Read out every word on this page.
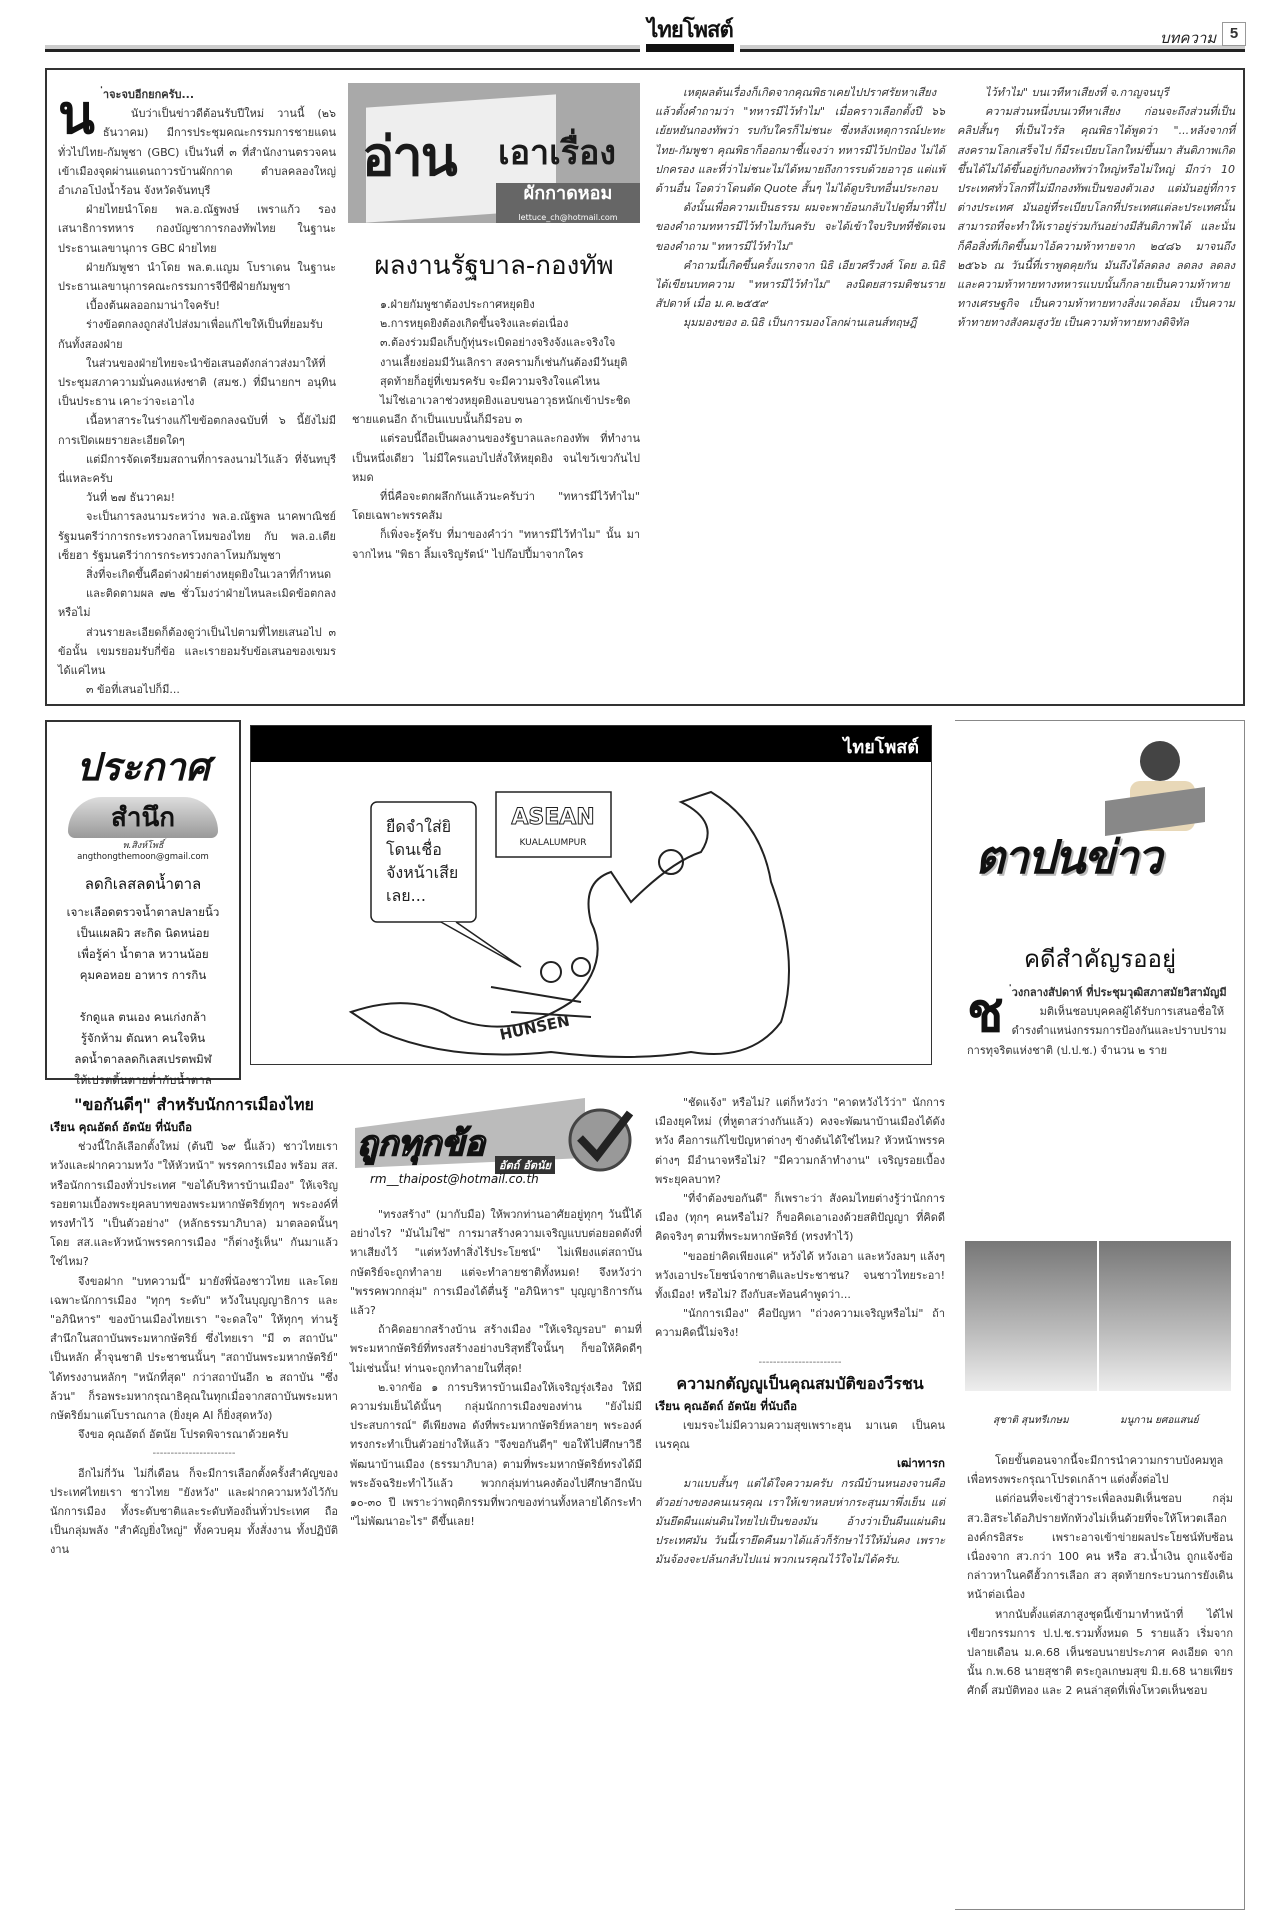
ไทยโพสต์	บทความ 5
น ่าจะจบอีกยกครับ...

นับว่าเป็นข่าวดีต้อนรับปีใหม่ วานนี้ (๒๖ ธันวาคม) มีการประชุมคณะกรรมการชายแดนทั่วไปไทย-กัมพูชา (GBC) เป็นวันที่ ๓ ที่สำนักงานตรวจคนเข้าเมืองจุดผ่านแดนถาวรบ้านผักกาด ตำบลคลองใหญ่ อำเภอโป่งน้ำร้อน จังหวัดจันทบุรี

ฝ่ายไทยนำโดย พล.อ.ณัฐพงษ์ เพราแก้ว รองเสนาธิการทหาร กองบัญชาการกองทัพไทย ในฐานะประธานเลขานุการ GBC ฝ่ายไทย

ฝ่ายกัมพูชา นำโดย พล.ต.แญม โบราเดน ในฐานะประธานเลขานุการคณะกรรมการจีบีซีฝ่ายกัมพูชา

เบื้องต้นผลออกมาน่าใจครับ!

ร่างข้อตกลงถูกส่งไปส่งมาเพื่อแก้ไขให้เป็นที่ยอมรับกันทั้งสองฝ่าย

ในส่วนของฝ่ายไทยจะนำข้อเสนอดังกล่าวส่งมาให้ที่ประชุมสภาความมั่นคงแห่งชาติ (สมช.) ที่มีนายกฯ อนุทิน เป็นประธาน เคาะว่าจะเอาไง

เนื้อหาสาระในร่างแก้ไขข้อตกลงฉบับที่ ๖ นี้ยังไม่มีการเปิดเผยรายละเอียดใดๆ

แต่มีการจัดเตรียมสถานที่การลงนามไว้แล้ว ที่จันทบุรีนี่แหละครับ

วันที่ ๒๗ ธันวาคม!

จะเป็นการลงนามระหว่าง พล.อ.ณัฐพล นาคพาณิชย์ รัฐมนตรีว่าการกระทรวงกลาโหมของไทย กับ พล.อ.เตีย เซ็ยฮา รัฐมนตรีว่าการกระทรวงกลาโหมกัมพูชา

สิ่งที่จะเกิดขึ้นคือต่างฝ่ายต่างหยุดยิงในเวลาที่กำหนด

และติดตามผล ๗๒ ชั่วโมงว่าฝ่ายไหนละเมิดข้อตกลงหรือไม่

ส่วนรายละเอียดก็ต้องดูว่าเป็นไปตามที่ไทยเสนอไป ๓ ข้อนั้น เขมรยอมรับกี่ข้อ และเรายอมรับข้อเสนอของเขมรได้แค่ไหน

๓ ข้อที่เสนอไปก็มี...

อ่าน เอาเรื่อง
ผักกาดหอม
lettuce_ch@hotmail.com
ผลงานรัฐบาล-กองทัพ

๑.ฝ่ายกัมพูชาต้องประกาศหยุดยิง

๒.การหยุดยิงต้องเกิดขึ้นจริงและต่อเนื่อง

๓.ต้องร่วมมือเก็บกู้ทุ่นระเบิดอย่างจริงจังและจริงใจ

งานเลี้ยงย่อมมีวันเลิกรา สงครามก็เช่นกันต้องมีวันยุติ

สุดท้ายก็อยู่ที่เขมรครับ จะมีความจริงใจแค่ไหน

ไม่ใช่เอาเวลาช่วงหยุดยิงแอบขนอาวุธหนักเข้าประชิดชายแดนอีก ถ้าเป็นแบบนั้นก็มีรอบ ๓

แต่รอบนี้ถือเป็นผลงานของรัฐบาลและกองทัพ ที่ทำงานเป็นหนึ่งเดียว ไม่มีใครแอบไปสั่งให้หยุดยิง จนไขว้เขวกันไปหมด

ที่นี่คือจะตกผลึกกันแล้วนะครับว่า "ทหารมีไว้ทำไม" โดยเฉพาะพรรคส้ม

ก็เพิ่งจะรู้ครับ ที่มาของคำว่า "ทหารมีไว้ทำไม" นั้น มาจากไหน "พิธา ลิ้มเจริญรัตน์" ไปก๊อปปี้มาจากใคร

เหตุผลต้นเรื่องก็เกิดจากคุณพิธาเคยไปปราศรัยหาเสียงแล้วตั้งคำถามว่า "ทหารมีไว้ทำไม" เมื่อคราวเลือกตั้งปี ๖๖ เย้ยหยันกองทัพว่า รบกับใครก็ไม่ชนะ ซึ่งหลังเหตุการณ์ปะทะไทย-กัมพูชา คุณพิธาก็ออกมาชี้แจงว่า ทหารมีไว้ปกป้อง ไม่ได้ปกครอง และที่ว่าไม่ชนะไม่ได้หมายถึงการรบด้วยอาวุธ แต่แพ้ด้านอื่น โอดว่าโดนตัด Quote สั้นๆ ไม่ได้ดูบริบทอื่นประกอบ

ดังนั้นเพื่อความเป็นธรรม ผมจะพาย้อนกลับไปดูที่มาที่ไปของคำถามทหารมีไว้ทำไมกันครับ จะได้เข้าใจบริบทที่ชัดเจนของคำถาม "ทหารมีไว้ทำไม"

คำถามนี้เกิดขึ้นครั้งแรกจาก นิธิ เอียวศรีวงศ์ โดย อ.นิธิ ได้เขียนบทความ "ทหารมีไว้ทำไม" ลงนิตยสารมติชนรายสัปดาห์ เมื่อ ม.ค.๒๕๕๙

มุมมองของ อ.นิธิ เป็นการมองโลกผ่านเลนส์ทฤษฎี

ไว้ทำไม" บนเวทีหาเสียงที่ จ.กาญจนบุรี

ความส่วนหนึ่งบนเวทีหาเสียง ก่อนจะถึงส่วนที่เป็นคลิปสั้นๆ ที่เป็นไวรัล คุณพิธาได้พูดว่า "...หลังจากที่สงครามโลกเสร็จไป ก็มีระเบียบโลกใหม่ขึ้นมา สันติภาพเกิดขึ้นได้ไม่ได้ขึ้นอยู่กับกองทัพว่าใหญ่หรือไม่ใหญ่ มีกว่า 10 ประเทศทั่วโลกที่ไม่มีกองทัพเป็นของตัวเอง แต่มันอยู่ที่การต่างประเทศ มันอยู่ที่ระเบียบโลกที่ประเทศแต่ละประเทศนั้นสามารถที่จะทำให้เราอยู่ร่วมกันอย่างมีสันติภาพได้ และนั่นก็คือสิ่งที่เกิดขึ้นมาไอ้ความท้าทายจาก ๒๔๘๖ มาจนถึง ๒๕๖๖ ณ วันนี้ที่เราพูดคุยกัน มันถึงได้ลดลง ลดลง ลดลง และความท้าทายทางทหารแบบนั้นก็กลายเป็นความท้าทายทางเศรษฐกิจ เป็นความท้าทายทางสิ่งแวดล้อม เป็นความท้าทายทางสังคมสูงวัย เป็นความท้าทายทางดิจิทัล

ประกาศ
สำนึก
พ.สิงห์โพธิ์
angthongthemoon@gmail.com
ลดกิเลสลดน้ำตาล
เจาะเลือดตรวจน้ำตาลปลายนิ้ว
เป็นแผลผิว สะกิด นิดหน่อย
เพื่อรู้ค่า น้ำตาล หวานน้อย
คุมคอหอย อาหาร การกิน

รักดูแล ตนเอง คนเก่งกล้า
รู้จักห้าม ตัณหา คนใจหิน
ลดน้ำตาลลดกิเลสเปรตพมิฬ
ให้เปรตดิ้นตายต่ำกับน้ำตาล
ไทยโพสต์
ยืดจำใส่ยิ
โดนเชื่อ
จังหน้าเสีย
เลย...
ASEAN
KUALALUMPUR
HUNSEN
ตาปนข่าว
คดีสำคัญรออยู่
ช ่วงกลางสัปดาห์ ที่ประชุมวุฒิสภาสมัยวิสามัญมี

มติเห็นชอบบุคคลผู้ได้รับการเสนอชื่อให้ดำรงตำแหน่งกรรมการป้องกันและปราบปรามการทุจริตแห่งชาติ (ป.ป.ช.) จำนวน ๒ ราย

สุชาติ สุนทรีเกษม	มนูกาน ยศอแสนย์

โดยขั้นตอนจากนี้จะมีการนำความกราบบังคมทูลเพื่อทรงพระกรุณาโปรดเกล้าฯ แต่งตั้งต่อไป

แต่ก่อนที่จะเข้าสู่วาระเพื่อลงมติเห็นชอบ กลุ่ม สว.อิสระได้อภิปรายทักท้วงไม่เห็นด้วยที่จะให้โหวตเลือกองค์กรอิสระ เพราะอาจเข้าข่ายผลประโยชน์ทับซ้อน เนื่องจาก สว.กว่า 100 คน หรือ สว.น้ำเงิน ถูกแจ้งข้อกล่าวหาในคดีฮั้วการเลือก สว สุดท้ายกระบวนการยังเดินหน้าต่อเนื่อง

หากนับตั้งแต่สภาสูงชุดนี้เข้ามาทำหน้าที่ ได้ไฟเขียวกรรมการ ป.ป.ช.รวมทั้งหมด 5 รายแล้ว เริ่มจากปลายเดือน ม.ค.68 เห็นชอบนายประภาศ คงเอียด จากนั้น ก.พ.68 นายสุชาติ ตระกูลเกษมสุข มิ.ย.68 นายเพียรศักดิ์ สมบัติทอง และ 2 คนล่าสุดที่เพิ่งโหวตเห็นชอบ

"ขอกันดีๆ" สำหรับนักการเมืองไทย
เรียน คุณอัตถ์ อัตนัย ที่นับถือ

ช่วงนี้ใกล้เลือกตั้งใหม่ (ต้นปี ๖๙ นี้แล้ว) ชาวไทยเราหวังและฝากความหวัง "ให้หัวหน้า" พรรคการเมือง พร้อม สส. หรือนักการเมืองทั่วประเทศ "ขอได้บริหารบ้านเมือง" ให้เจริญรอยตามเบื้องพระยุคลบาทของพระมหากษัตริย์ทุกๆ พระองค์ที่ทรงทำไว้ "เป็นตัวอย่าง" (หลักธรรมาภิบาล) มาตลอดนั้นๆ โดย สส.และหัวหน้าพรรคการเมือง "ก็ต่างรู้เห็น" กันมาแล้วใช่ไหม?

จึงขอฝาก "บทความนี้" มายังพี่น้องชาวไทย และโดยเฉพาะนักการเมือง "ทุกๆ ระดับ" หวังในบุญญาธิการ และ "อภินิหาร" ของบ้านเมืองไทยเรา "จะดลใจ" ให้ทุกๆ ท่านรู้สำนึกในสถาบันพระมหากษัตริย์ ซึ่งไทยเรา "มี ๓ สถาบัน" เป็นหลัก ค้ำจุนชาติ ประชาชนนั้นๆ "สถาบันพระมหากษัตริย์" ได้ทรงงานหลักๆ "หนักที่สุด" กว่าสถาบันอีก ๒ สถาบัน "ซึ่งล้วน" ก็รอพระมหากรุณาธิคุณในทุกเมื่อจากสถาบันพระมหากษัตริย์มาแต่โบราณกาล (ยิ่งยุค AI ก็ยิ่งสุดหวัง)

จึงขอ คุณอัตถ์ อัตนัย โปรดพิจารณาด้วยครับ

-----------------------

อีกไม่กี่วัน ไม่กี่เดือน ก็จะมีการเลือกตั้งครั้งสำคัญของประเทศไทยเรา ชาวไทย "ยังหวัง" และฝากความหวังไว้กับนักการเมือง ทั้งระดับชาติและระดับท้องถิ่นทั่วประเทศ ถือเป็นกลุ่มพลัง "สำคัญยิ่งใหญ่" ทั้งควบคุม ทั้งสั่งงาน ทั้งปฏิบัติงาน

ถูกทุกข้อ
อัตถ์ อัตนัย
rm__thaipost@hotmail.co.th

"ทรงสร้าง" (มากับมือ) ให้พวกท่านอาศัยอยู่ทุกๆ วันนี้ได้อย่างไร? "มันไม่ใช่" การมาสร้างความเจริญแบบต่อยอดดังที่หาเสียงไว้ "แต่หวังทำสิ่งไร้ประโยชน์" ไม่เพียงแต่สถาบันกษัตริย์จะถูกทำลาย แต่จะทำลายชาติทั้งหมด! จึงหวังว่า "พรรคพวกกลุ่ม" การเมืองได้ตื่นรู้ "อภินิหาร" บุญญาธิการกันแล้ว?

ถ้าคิดอยากสร้างบ้าน สร้างเมือง "ให้เจริญรอบ" ตามที่พระมหากษัตริย์ที่ทรงสร้างอย่างบริสุทธิ์ใจนั้นๆ ก็ขอให้คิดดีๆ ไม่เช่นนั้น! ท่านจะถูกทำลายในที่สุด!

๒.จากข้อ ๑ การบริหารบ้านเมืองให้เจริญรุ่งเรือง ให้มีความร่มเย็นได้นั้นๆ กลุ่มนักการเมืองของท่าน "ยังไม่มีประสบการณ์" ดีเพียงพอ ดังที่พระมหากษัตริย์หลายๆ พระองค์ทรงกระทำเป็นตัวอย่างให้แล้ว "จึงขอกันดีๆ" ขอให้ไปศึกษาวิธีพัฒนาบ้านเมือง (ธรรมาภิบาล) ตามที่พระมหากษัตริย์ทรงได้มีพระอัจฉริยะทำไว้แล้ว พวกกลุ่มท่านคงต้องไปศึกษาอีกนับ ๑๐-๓๐ ปี เพราะว่าพฤติกรรมที่พวกของท่านทั้งหลายได้กระทำ "ไม่พัฒนาอะไร" ดีขึ้นเลย!

"ชัดแจ้ง" หรือไม่? แต่ก็หวังว่า "คาดหวังไว้ว่า" นักการเมืองยุคใหม่ (ที่หูตาสว่างกันแล้ว) คงจะพัฒนาบ้านเมืองได้ดังหวัง คือการแก้ไขปัญหาต่างๆ ข้างต้นได้ใช่ไหม? หัวหน้าพรรคต่างๆ มีอำนาจหรือไม่? "มีความกล้าทำงาน" เจริญรอยเบื้องพระยุคลบาท?

"ที่จำต้องขอกันดี" ก็เพราะว่า สังคมไทยต่างรู้ว่านักการเมือง (ทุกๆ คนหรือไม่? ก็ขอคิดเอาเองด้วยสติปัญญา ที่คิดดี คิดจริงๆ ตามที่พระมหากษัตริย์ (ทรงทำไว้)

"ขออย่าคิดเพียงแค่" หวังได้ หวังเอา และหวังลมๆ แล้งๆ หวังเอาประโยชน์จากชาติและประชาชน? จนชาวไทยระอา! ทั้งเมือง! หรือไม่? ถึงกับสะท้อนคำพูดว่า...

"นักการเมือง" คือปัญหา "ถ่วงความเจริญหรือไม่" ถ้าความคิดนี้ไม่จริง!

-----------------------
ความกตัญญูเป็นคุณสมบัติของวีรชน
เรียน คุณอัตถ์ อัตนัย ที่นับถือ

เขมรจะไม่มีความความสุขเพราะฮุน มาเนต เป็นคนเนรคุณ

เฒ่าทารก

มาแบบสั้นๆ แต่ได้ใจความครับ กรณีบ้านหนองจานคือตัวอย่างของคนเนรคุณ เราให้เขาหลบห่ากระสุนมาพึ่งเย็น แต่มันยึดผืนแผ่นดินไทยไปเป็นของมัน อ้างว่าเป็นผืนแผ่นดินประเทศมัน วันนี้เรายึดคืนมาได้แล้วก็รักษาไว้ให้มั่นคง เพราะมันจ้องจะปล้นกลับไปแน่ พวกเนรคุณไว้ใจไม่ได้ครับ.
